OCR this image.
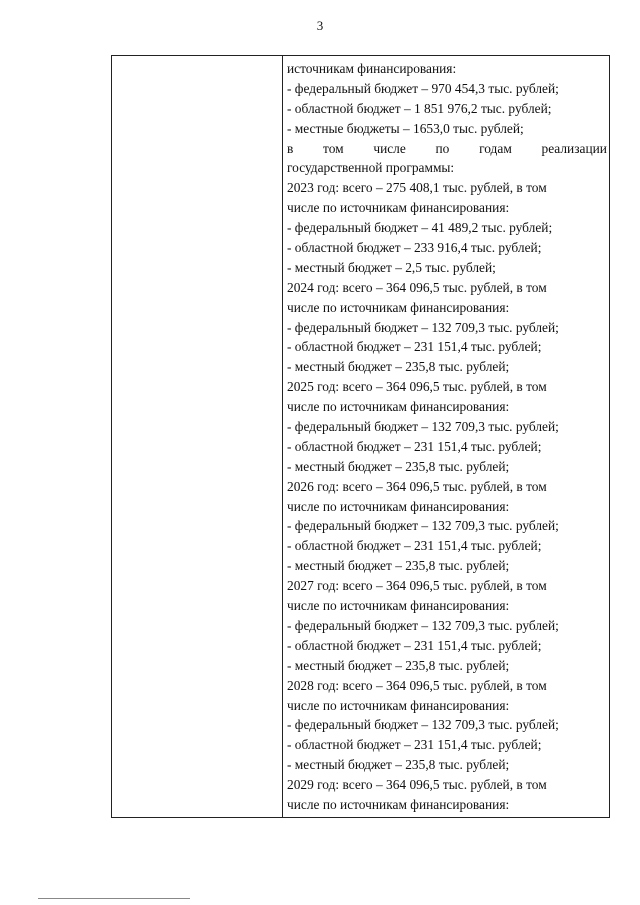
3
источникам финансирования:
- федеральный бюджет – 970 454,3 тыс. рублей;
- областной бюджет – 1 851 976,2 тыс. рублей;
- местные бюджеты – 1653,0 тыс. рублей;
в том числе по годам реализации
государственной программы:
2023 год: всего – 275 408,1 тыс. рублей, в том
числе по источникам финансирования:
- федеральный бюджет – 41 489,2 тыс. рублей;
- областной бюджет – 233 916,4 тыс. рублей;
- местный бюджет – 2,5 тыс. рублей;
2024 год: всего – 364 096,5 тыс. рублей, в том
числе по источникам финансирования:
- федеральный бюджет – 132 709,3 тыс. рублей;
- областной бюджет – 231 151,4 тыс. рублей;
- местный бюджет – 235,8 тыс. рублей;
2025 год: всего – 364 096,5 тыс. рублей, в том
числе по источникам финансирования:
- федеральный бюджет – 132 709,3 тыс. рублей;
- областной бюджет – 231 151,4 тыс. рублей;
- местный бюджет – 235,8 тыс. рублей;
2026 год: всего – 364 096,5 тыс. рублей, в том
числе по источникам финансирования:
- федеральный бюджет – 132 709,3 тыс. рублей;
- областной бюджет – 231 151,4 тыс. рублей;
- местный бюджет – 235,8 тыс. рублей;
2027 год: всего – 364 096,5 тыс. рублей, в том
числе по источникам финансирования:
- федеральный бюджет – 132 709,3 тыс. рублей;
- областной бюджет – 231 151,4 тыс. рублей;
- местный бюджет – 235,8 тыс. рублей;
2028 год: всего – 364 096,5 тыс. рублей, в том
числе по источникам финансирования:
- федеральный бюджет – 132 709,3 тыс. рублей;
- областной бюджет – 231 151,4 тыс. рублей;
- местный бюджет – 235,8 тыс. рублей;
2029 год: всего – 364 096,5 тыс. рублей, в том
числе по источникам финансирования:
